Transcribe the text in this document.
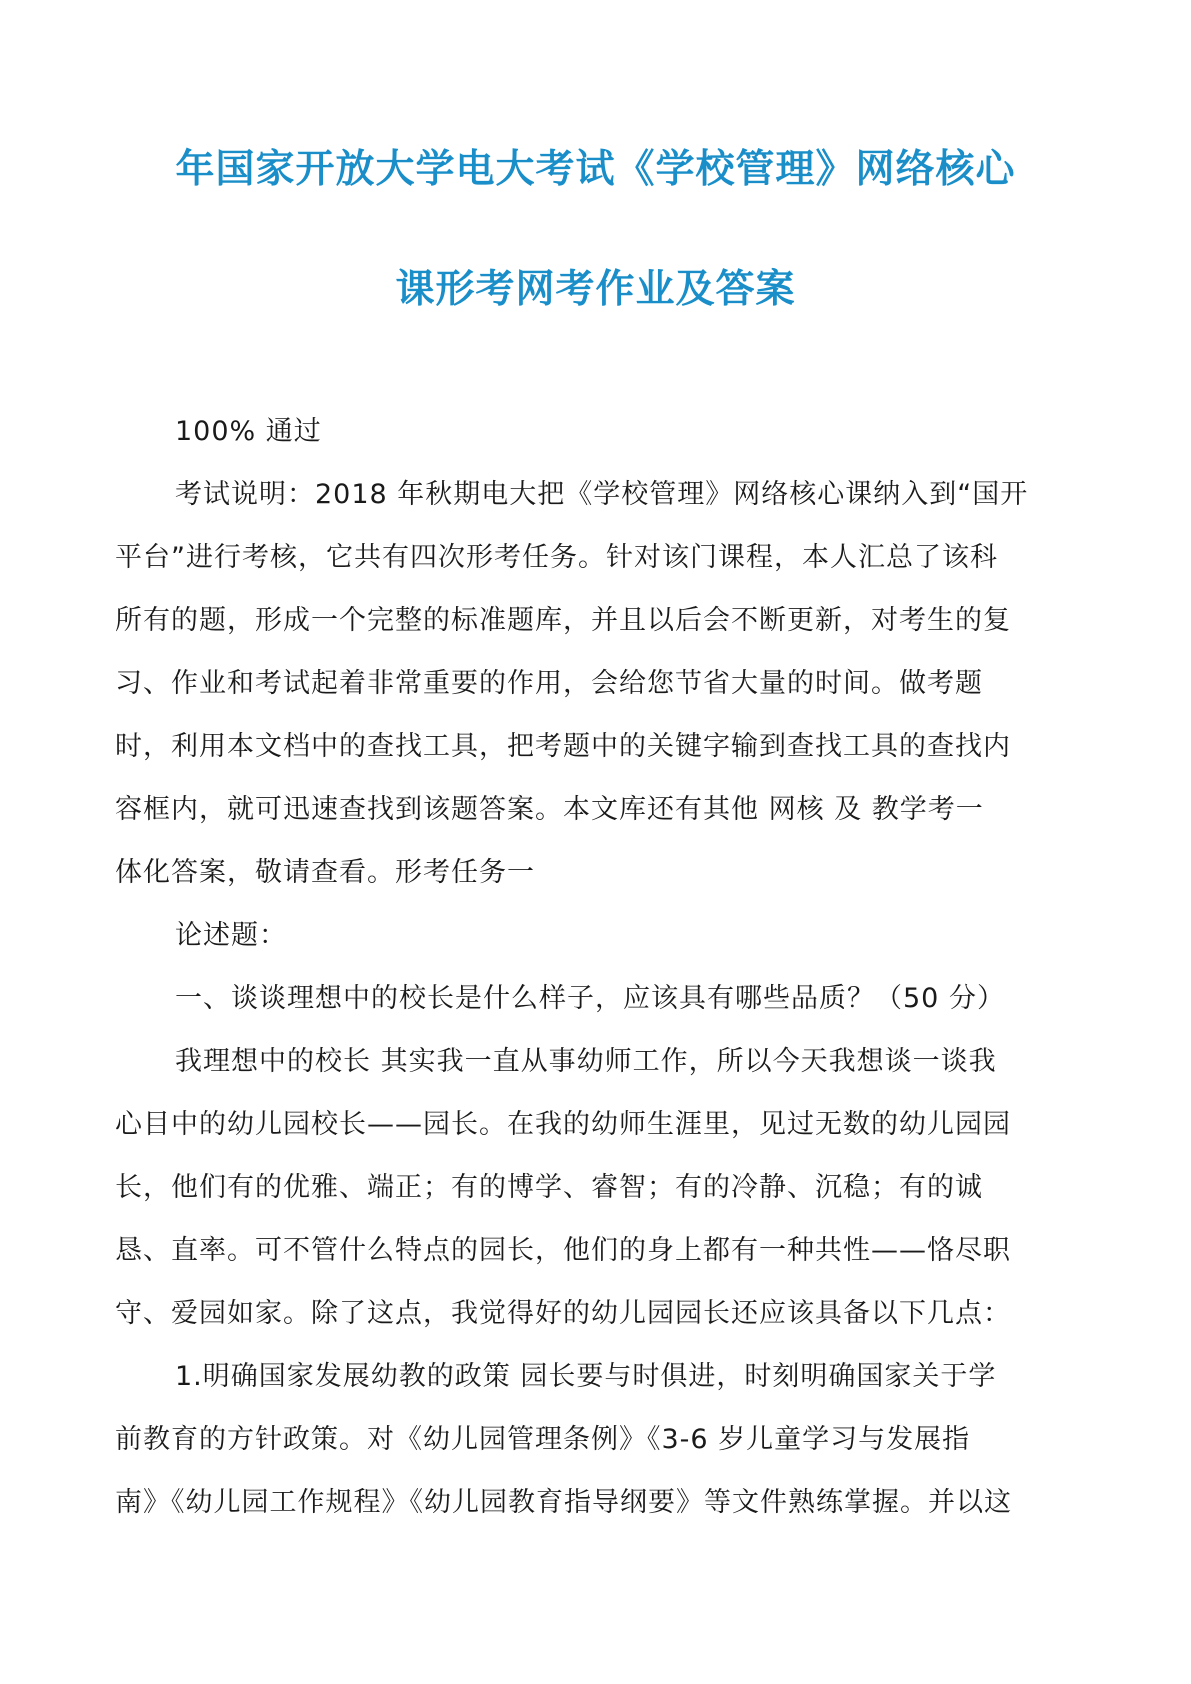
年国家开放大学电大考试《学校管理》网络核心
课形考网考作业及答案
100% 通过
考试说明：2018 年秋期电大把《学校管理》网络核心课纳入到“国开
平台”进行考核，它共有四次形考任务。针对该门课程，本人汇总了该科
所有的题，形成一个完整的标准题库，并且以后会不断更新，对考生的复
习、作业和考试起着非常重要的作用，会给您节省大量的时间。做考题
时，利用本文档中的查找工具，把考题中的关键字输到查找工具的查找内
容框内，就可迅速查找到该题答案。本文库还有其他 网核 及 教学考一
体化答案，敬请查看。形考任务一
论述题：
一、谈谈理想中的校长是什么样子，应该具有哪些品质？（50 分）
我理想中的校长 其实我一直从事幼师工作，所以今天我想谈一谈我
心目中的幼儿园校长——园长。在我的幼师生涯里，见过无数的幼儿园园
长，他们有的优雅、端正；有的博学、睿智；有的冷静、沉稳；有的诚
恳、直率。可不管什么特点的园长，他们的身上都有一种共性——恪尽职
守、爱园如家。除了这点，我觉得好的幼儿园园长还应该具备以下几点：
1.明确国家发展幼教的政策 园长要与时俱进，时刻明确国家关于学
前教育的方针政策。对《幼儿园管理条例》《3-6 岁儿童学习与发展指
南》《幼儿园工作规程》《幼儿园教育指导纲要》等文件熟练掌握。并以这
